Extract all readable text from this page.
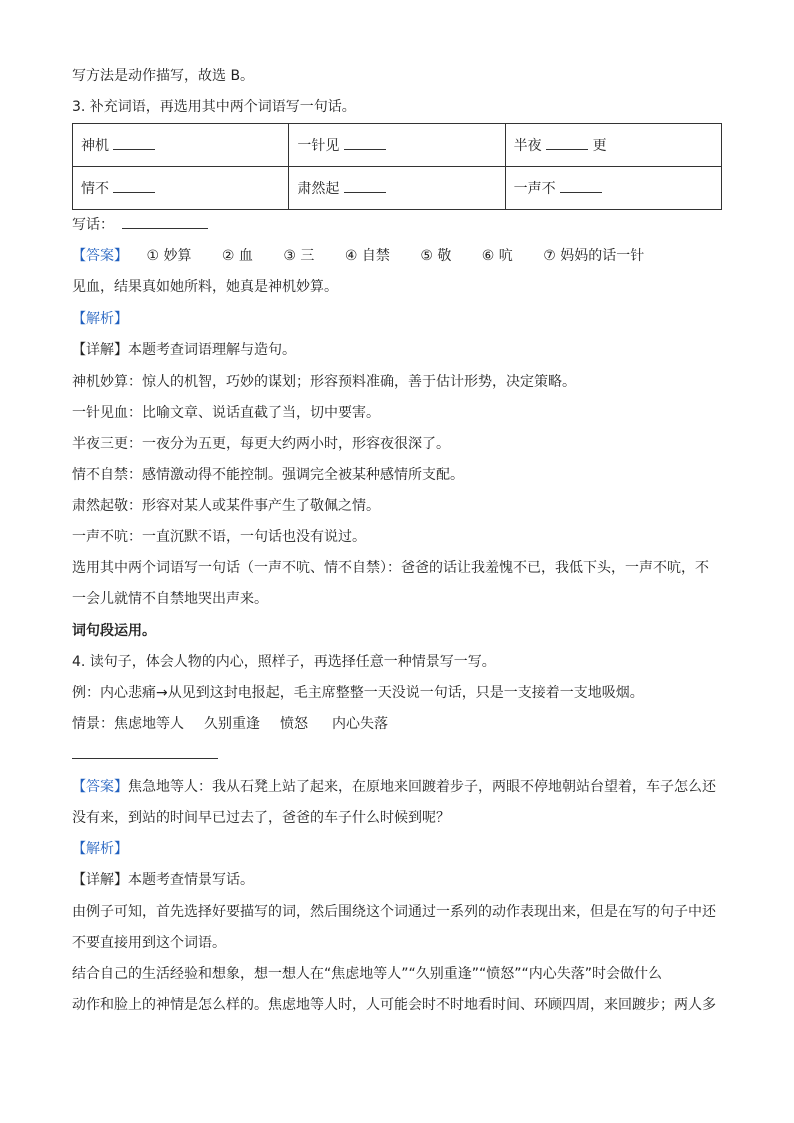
写方法是动作描写，故选 B。
3. 补充词语，再选用其中两个词语写一句话。
神机	一针见	半夜 更
情不	肃然起	一声不
写话：
【答案】 ① 妙算 ② 血 ③ 三 ④ 自禁 ⑤ 敬 ⑥ 吭 ⑦ 妈妈的话一针
见血，结果真如她所料，她真是神机妙算。
【解析】
【详解】本题考查词语理解与造句。
神机妙算：惊人的机智，巧妙的谋划；形容预料准确，善于估计形势，决定策略。
一针见血：比喻文章、说话直截了当，切中要害。
半夜三更：一夜分为五更，每更大约两小时，形容夜很深了。
情不自禁：感情激动得不能控制。强调完全被某种感情所支配。
肃然起敬：形容对某人或某件事产生了敬佩之情。
一声不吭：一直沉默不语，一句话也没有说过。
选用其中两个词语写一句话（一声不吭、情不自禁）：爸爸的话让我羞愧不已，我低下头，一声不吭，不
一会儿就情不自禁地哭出声来。
词句段运用。
4. 读句子，体会人物的内心，照样子，再选择任意一种情景写一写。
例：内心悲痛→从见到这封电报起，毛主席整整一天没说一句话，只是一支接着一支地吸烟。
情景：焦虑地等人 久别重逢 愤怒 内心失落
【答案】焦急地等人：我从石凳上站了起来，在原地来回踱着步子，两眼不停地朝站台望着，车子怎么还
没有来，到站的时间早已过去了，爸爸的车子什么时候到呢？
【解析】
【详解】本题考查情景写话。
由例子可知，首先选择好要描写的词，然后围绕这个词通过一系列的动作表现出来，但是在写的句子中还
不要直接用到这个词语。
结合自己的生活经验和想象，想一想人在“焦虑地等人”“久别重逢”“愤怒”“内心失落”时会做什么
动作和脸上的神情是怎么样的。焦虑地等人时，人可能会时不时地看时间、环顾四周，来回踱步；两人多
